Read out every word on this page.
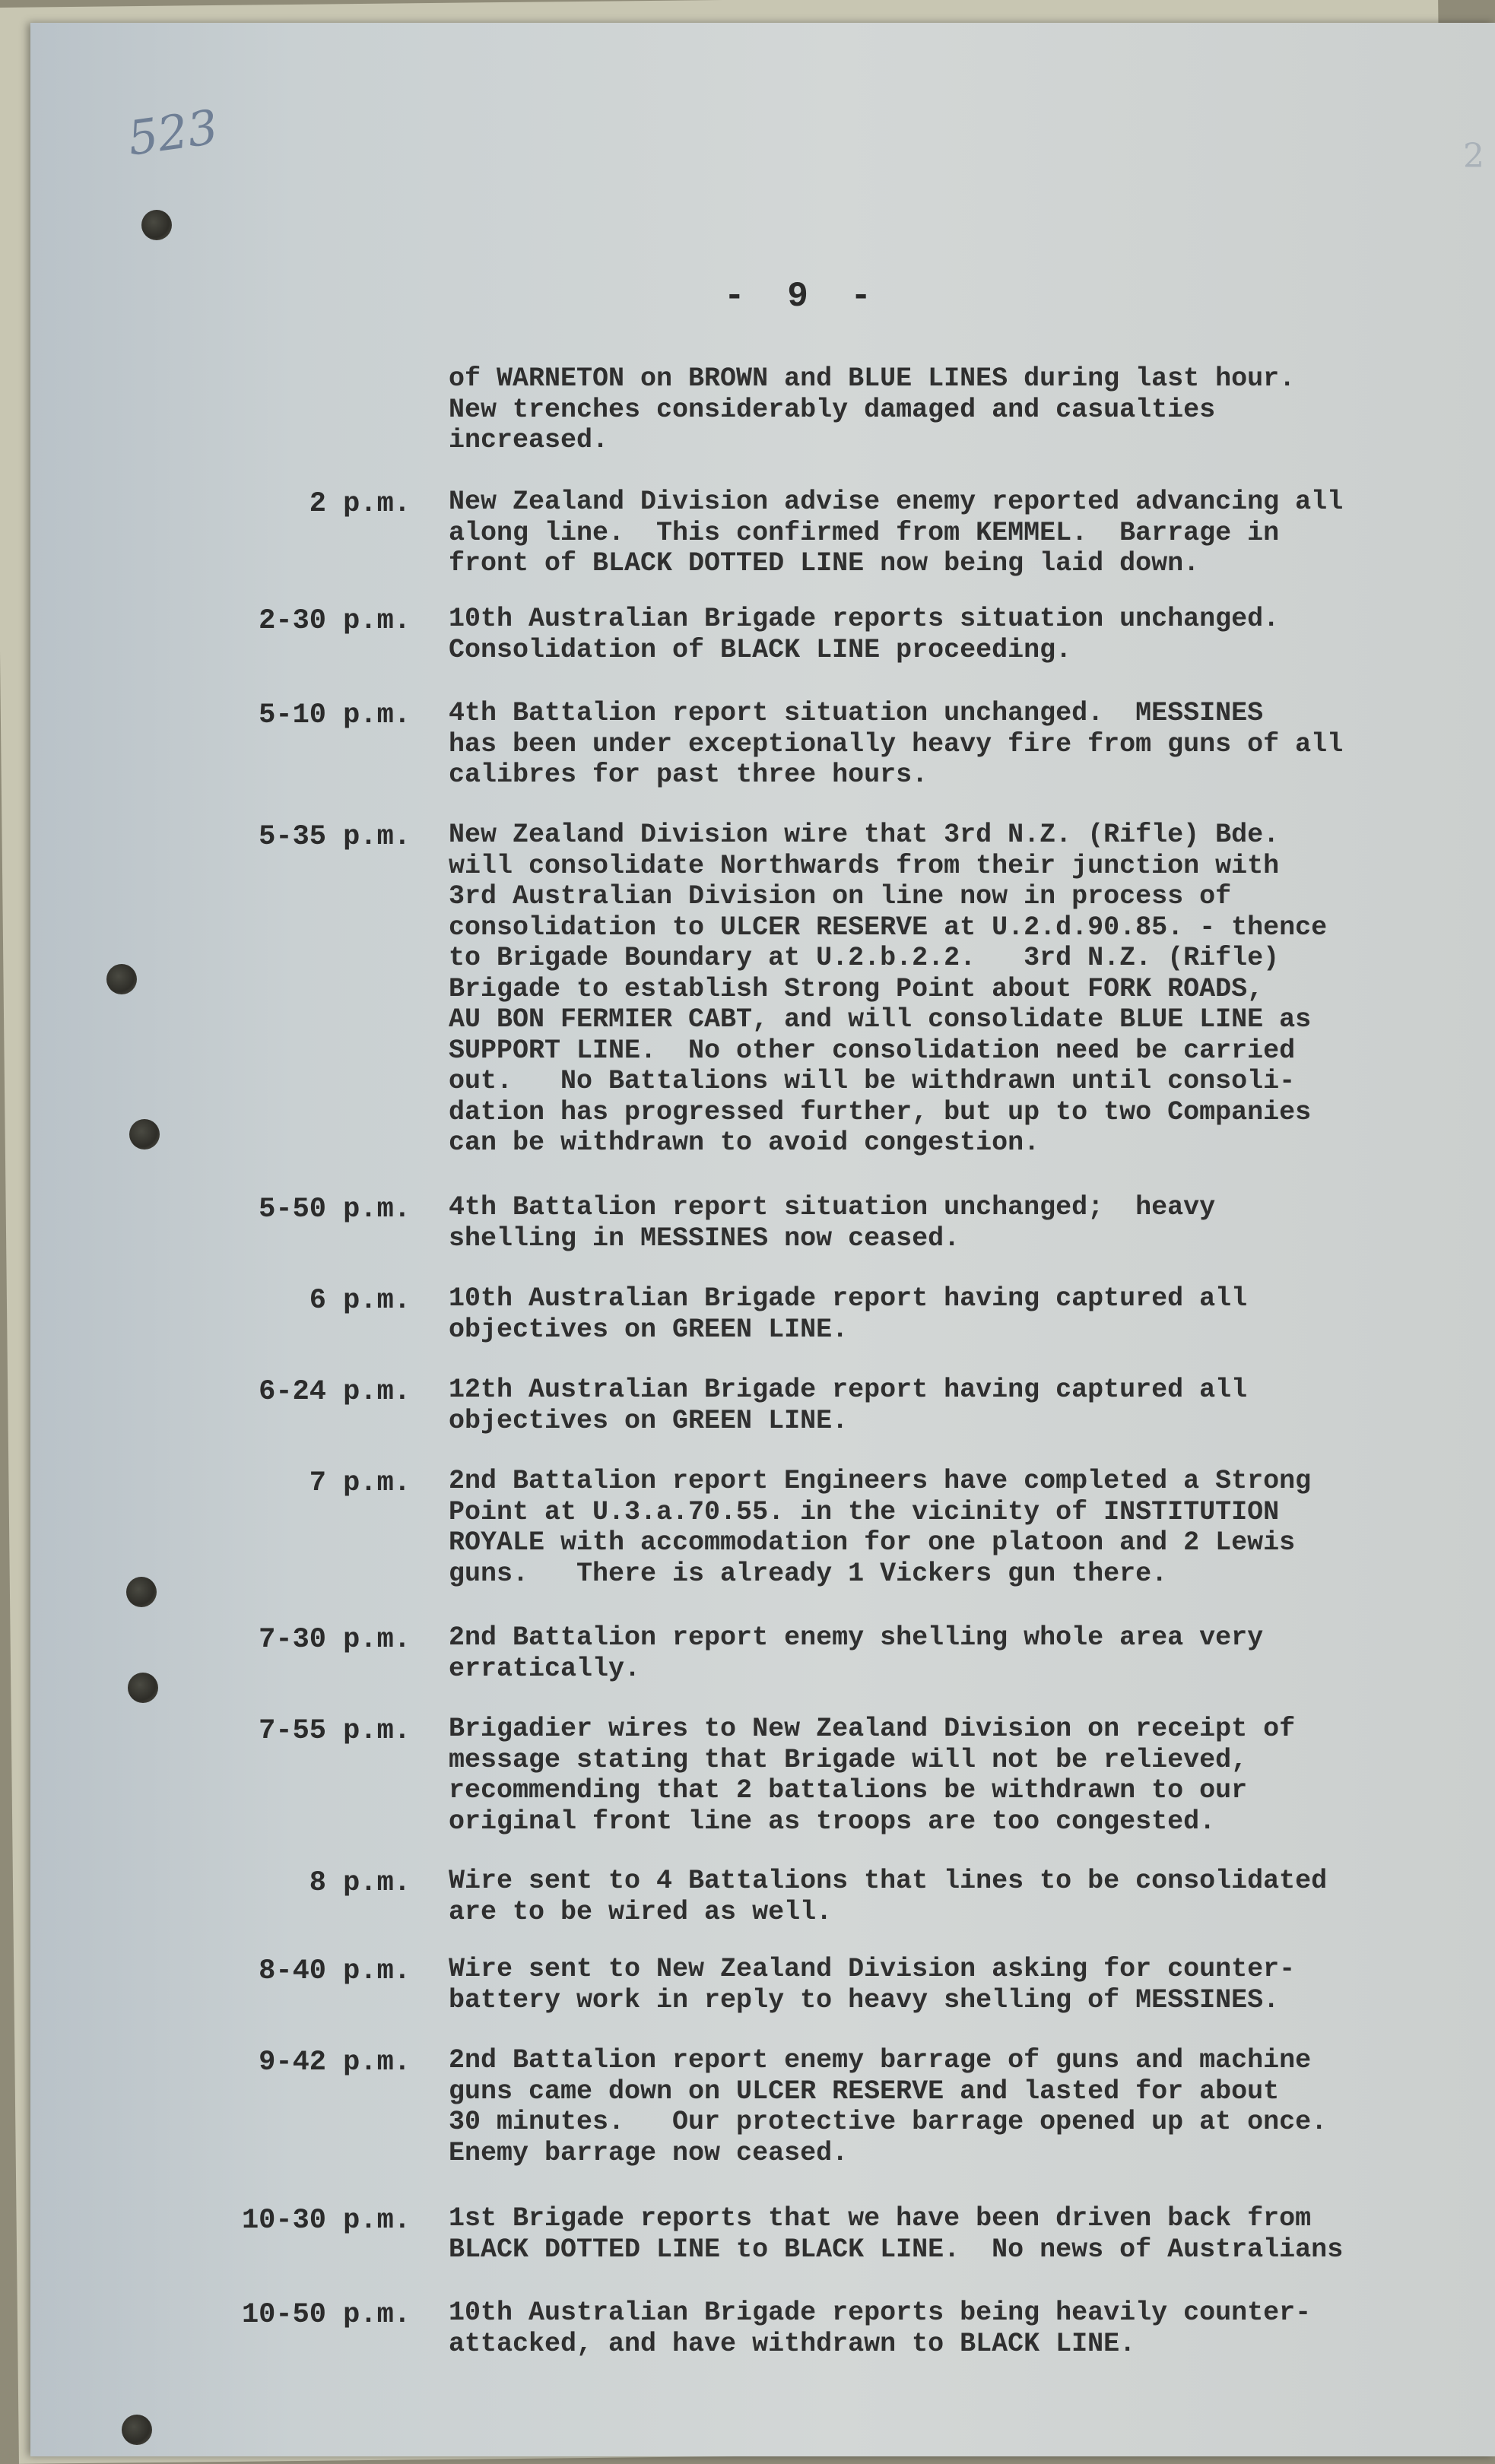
523	2
- 9 -
of WARNETON on BROWN and BLUE LINES during last hour.
New trenches considerably damaged and casualties
increased.
2 p.m. New Zealand Division advise enemy reported advancing all
along line.  This confirmed from KEMMEL.  Barrage in
front of BLACK DOTTED LINE now being laid down.
2-30 p.m. 10th Australian Brigade reports situation unchanged.
Consolidation of BLACK LINE proceeding.
5-10 p.m. 4th Battalion report situation unchanged.  MESSINES
has been under exceptionally heavy fire from guns of all
calibres for past three hours.
5-35 p.m. New Zealand Division wire that 3rd N.Z. (Rifle) Bde.
will consolidate Northwards from their junction with
3rd Australian Division on line now in process of
consolidation to ULCER RESERVE at U.2.d.90.85. - thence
to Brigade Boundary at U.2.b.2.2.   3rd N.Z. (Rifle)
Brigade to establish Strong Point about FORK ROADS,
AU BON FERMIER CABT, and will consolidate BLUE LINE as
SUPPORT LINE.  No other consolidation need be carried
out.   No Battalions will be withdrawn until consoli-
dation has progressed further, but up to two Companies
can be withdrawn to avoid congestion.
5-50 p.m. 4th Battalion report situation unchanged;  heavy
shelling in MESSINES now ceased.
6 p.m. 10th Australian Brigade report having captured all
objectives on GREEN LINE.
6-24 p.m. 12th Australian Brigade report having captured all
objectives on GREEN LINE.
7 p.m. 2nd Battalion report Engineers have completed a Strong
Point at U.3.a.70.55. in the vicinity of INSTITUTION
ROYALE with accommodation for one platoon and 2 Lewis
guns.   There is already 1 Vickers gun there.
7-30 p.m. 2nd Battalion report enemy shelling whole area very
erratically.
7-55 p.m. Brigadier wires to New Zealand Division on receipt of
message stating that Brigade will not be relieved,
recommending that 2 battalions be withdrawn to our
original front line as troops are too congested.
8 p.m. Wire sent to 4 Battalions that lines to be consolidated
are to be wired as well.
8-40 p.m. Wire sent to New Zealand Division asking for counter-
battery work in reply to heavy shelling of MESSINES.
9-42 p.m. 2nd Battalion report enemy barrage of guns and machine
guns came down on ULCER RESERVE and lasted for about
30 minutes.   Our protective barrage opened up at once.
Enemy barrage now ceased.
10-30 p.m. 1st Brigade reports that we have been driven back from
BLACK DOTTED LINE to BLACK LINE.  No news of Australians
10-50 p.m. 10th Australian Brigade reports being heavily counter-
attacked, and have withdrawn to BLACK LINE.
